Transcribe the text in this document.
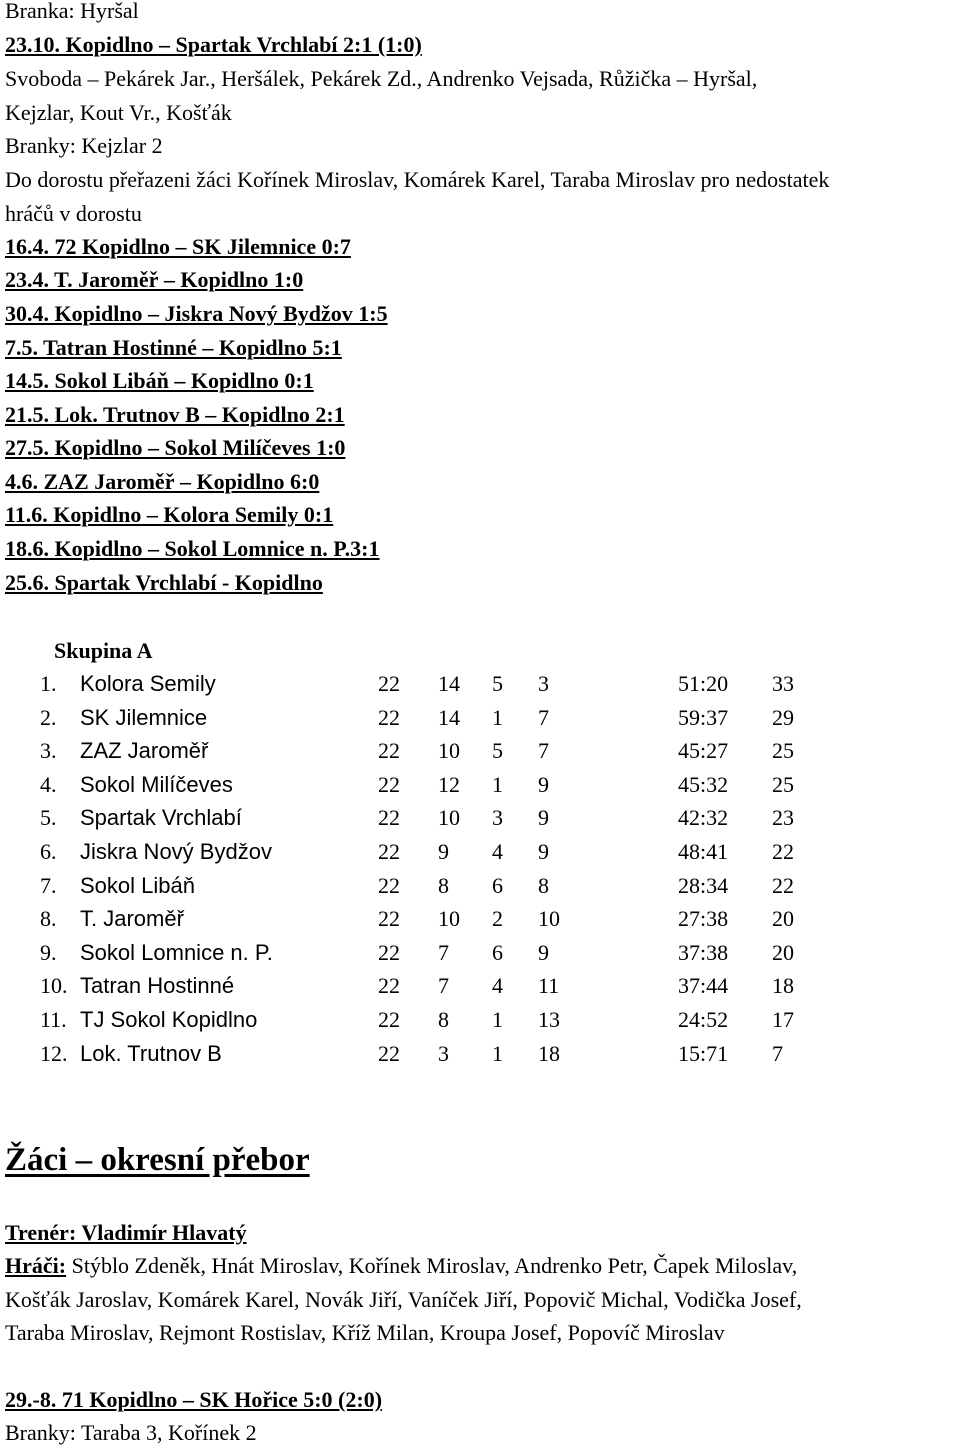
Branka: Hyršal
23.10. Kopidlno – Spartak Vrchlabí 2:1 (1:0)
Svoboda – Pekárek Jar., Heršálek, Pekárek Zd., Andrenko Vejsada, Růžička – Hyršal,
Kejzlar, Kout Vr., Košťák
Branky: Kejzlar 2
Do dorostu přeřazeni žáci Kořínek Miroslav, Komárek Karel, Taraba Miroslav pro nedostatek
hráčů v dorostu
16.4. 72 Kopidlno – SK Jilemnice 0:7
23.4. T. Jaroměř – Kopidlno 1:0
30.4. Kopidlno – Jiskra Nový Bydžov 1:5
7.5. Tatran Hostinné – Kopidlno 5:1
14.5. Sokol Libáň – Kopidlno 0:1
21.5. Lok. Trutnov B – Kopidlno 2:1
27.5. Kopidlno – Sokol Milíčeves 1:0
4.6. ZAZ Jaroměř – Kopidlno 6:0
11.6. Kopidlno – Kolora Semily 0:1
18.6. Kopidlno – Sokol Lomnice n. P.3:1
25.6. Spartak Vrchlabí - Kopidlno
Skupina A
1. Kolora Semily	22 14 5 3	51:20 33
2. SK Jilemnice	22 14 1 7	59:37 29
3. ZAZ Jaroměř	22 10 5 7	45:27 25
4. Sokol Milíčeves	22 12 1 9	45:32 25
5. Spartak Vrchlabí	22 10 3 9	42:32 23
6. Jiskra Nový Bydžov	22 9 4 9	48:41 22
7. Sokol Libáň	22 8 6 8	28:34 22
8. T. Jaroměř	22 10 2 10	27:38 20
9. Sokol Lomnice n. P.	22 7 6 9	37:38 20
10. Tatran Hostinné	22 7 4 11	37:44 18
11. TJ Sokol Kopidlno	22 8 1 13	24:52 17
12. Lok. Trutnov B	22 3 1 18	15:71 7
Žáci – okresní přebor
Trenér: Vladimír Hlavatý
Hráči: Stýblo Zdeněk, Hnát Miroslav, Kořínek Miroslav, Andrenko Petr, Čapek Miloslav,
Košťák Jaroslav, Komárek Karel, Novák Jiří, Vaníček Jiří, Popovič Michal, Vodička Josef,
Taraba Miroslav, Rejmont Rostislav, Kříž Milan, Kroupa Josef, Popovíč Miroslav
29.-8. 71 Kopidlno – SK Hořice 5:0 (2:0)
Branky: Taraba 3, Kořínek 2
